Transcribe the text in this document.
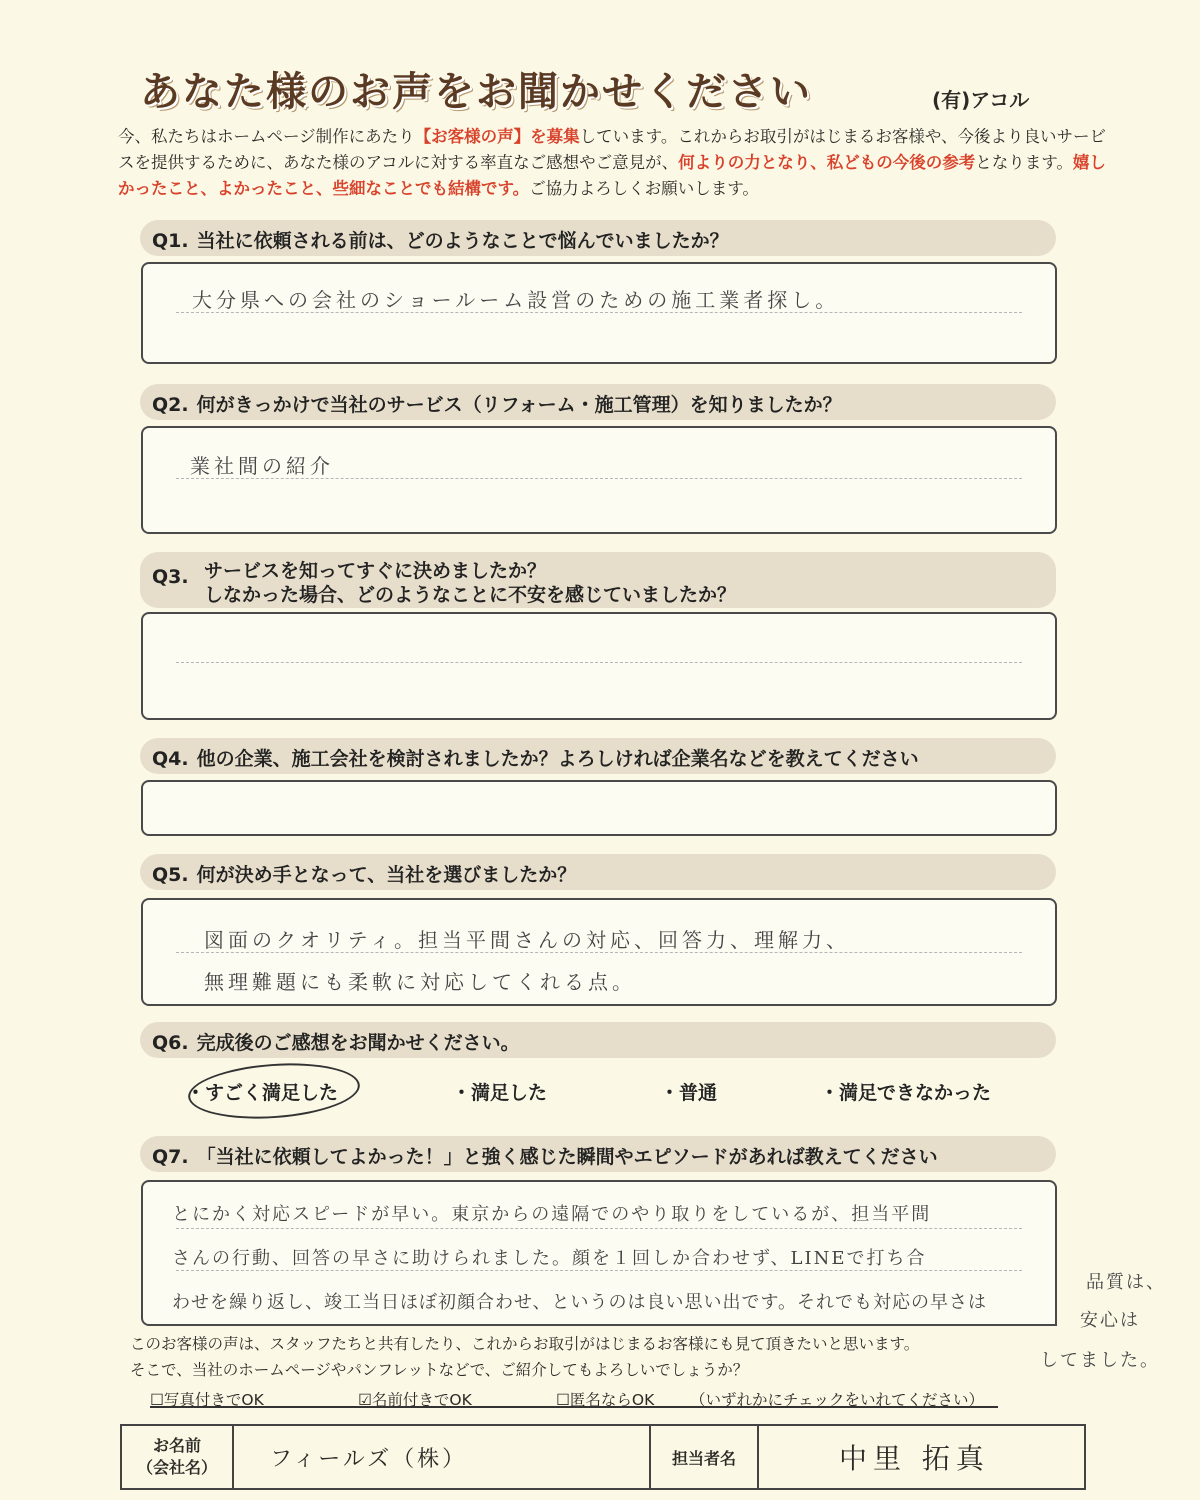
あなた様のお声をお聞かせください	(有)アコル
今、私たちはホームページ制作にあたり【お客様の声】を募集しています。これからお取引がはじまるお客様や、今後より良いサービスを提供するために、あなた様のアコルに対する率直なご感想やご意見が、何よりの力となり、私どもの今後の参考となります。嬉しかったこと、よかったこと、些細なことでも結構です。ご協力よろしくお願いします。
Q1. 当社に依頼される前は、どのようなことで悩んでいましたか？
大分県への会社のショールーム設営のための施工業者探し。
Q2. 何がきっかけで当社のサービス（リフォーム・施工管理）を知りましたか？
業社間の紹介
Q3. サービスを知ってすぐに決めましたか？
しなかった場合、どのようなことに不安を感じていましたか？
Q4. 他の企業、施工会社を検討されましたか？よろしければ企業名などを教えてください
Q5. 何が決め手となって、当社を選びましたか？
図面のクオリティ。担当平間さんの対応、回答力、理解力、
無理難題にも柔軟に対応してくれる点。
Q6. 完成後のご感想をお聞かせください。
・すごく満足した	・満足した	・普通	・満足できなかった
Q7. 「当社に依頼してよかった！」と強く感じた瞬間やエピソードがあれば教えてください
とにかく対応スピードが早い。東京からの遠隔でのやり取りをしているが、担当平間
さんの行動、回答の早さに助けられました。顔を１回しか合わせず、LINEで打ち合
わせを繰り返し、竣工当日ほぼ初顔合わせ、というのは良い思い出です。それでも対応の早さは
品質は、
安心は
してました。
このお客様の声は、スタッフたちと共有したり、これからお取引がはじまるお客様にも見て頂きたいと思います。
そこで、当社のホームページやパンフレットなどで、ご紹介してもよろしいでしょうか？
☐写真付きでOK	☑名前付きでOK	☐匿名ならOK （いずれかにチェックをいれてください）
お名前
（会社名）	フィールズ（株）	担当者名	中里 拓真
